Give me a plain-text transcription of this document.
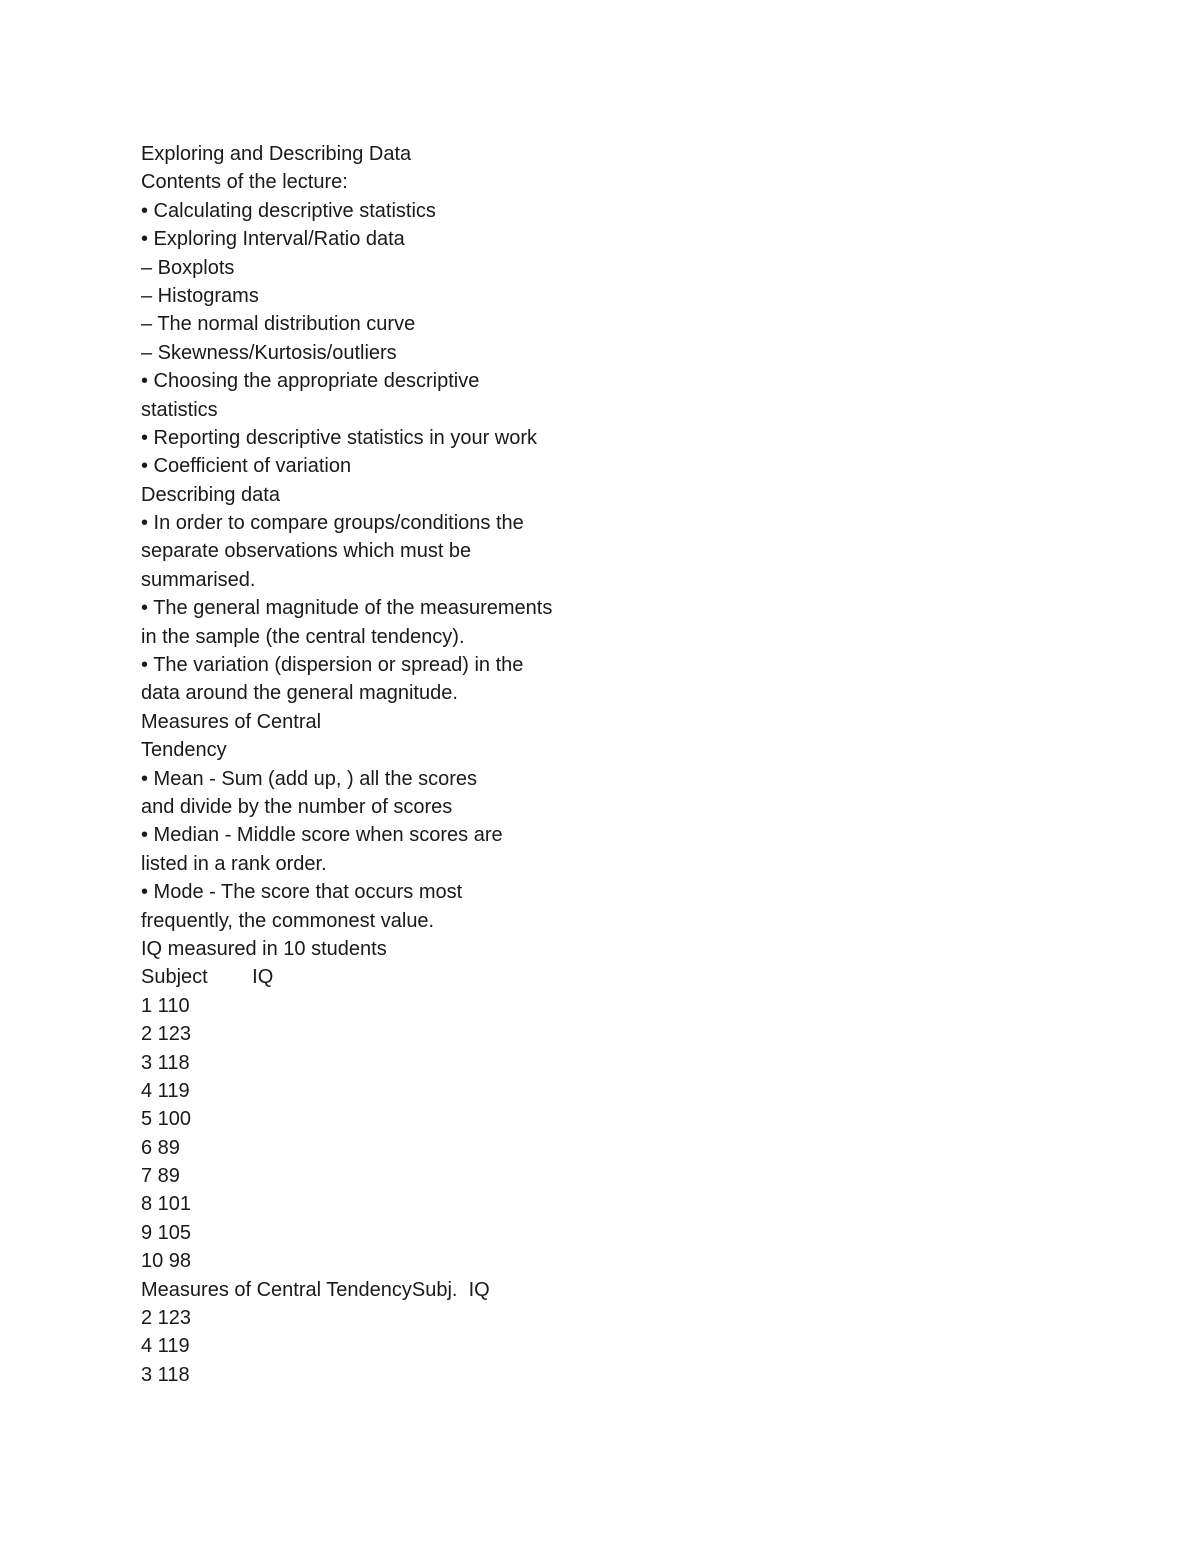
Exploring and Describing Data
Contents of the lecture:
• Calculating descriptive statistics
• Exploring Interval/Ratio data
– Boxplots
– Histograms
– The normal distribution curve
– Skewness/Kurtosis/outliers
• Choosing the appropriate descriptive
statistics
• Reporting descriptive statistics in your work
• Coefficient of variation
Describing data
• In order to compare groups/conditions the
separate observations which must be
summarised.
• The general magnitude of the measurements
in the sample (the central tendency).
• The variation (dispersion or spread) in the
data around the general magnitude.
Measures of Central
Tendency
• Mean - Sum (add up, ) all the scores
and divide by the number of scores
• Median - Middle score when scores are
listed in a rank order.
• Mode - The score that occurs most
frequently, the commonest value.
IQ measured in 10 students
Subject        IQ
1 110
2 123
3 118
4 119
5 100
6 89
7 89
8 101
9 105
10 98
Measures of Central TendencySubj.  IQ
2 123
4 119
3 118
